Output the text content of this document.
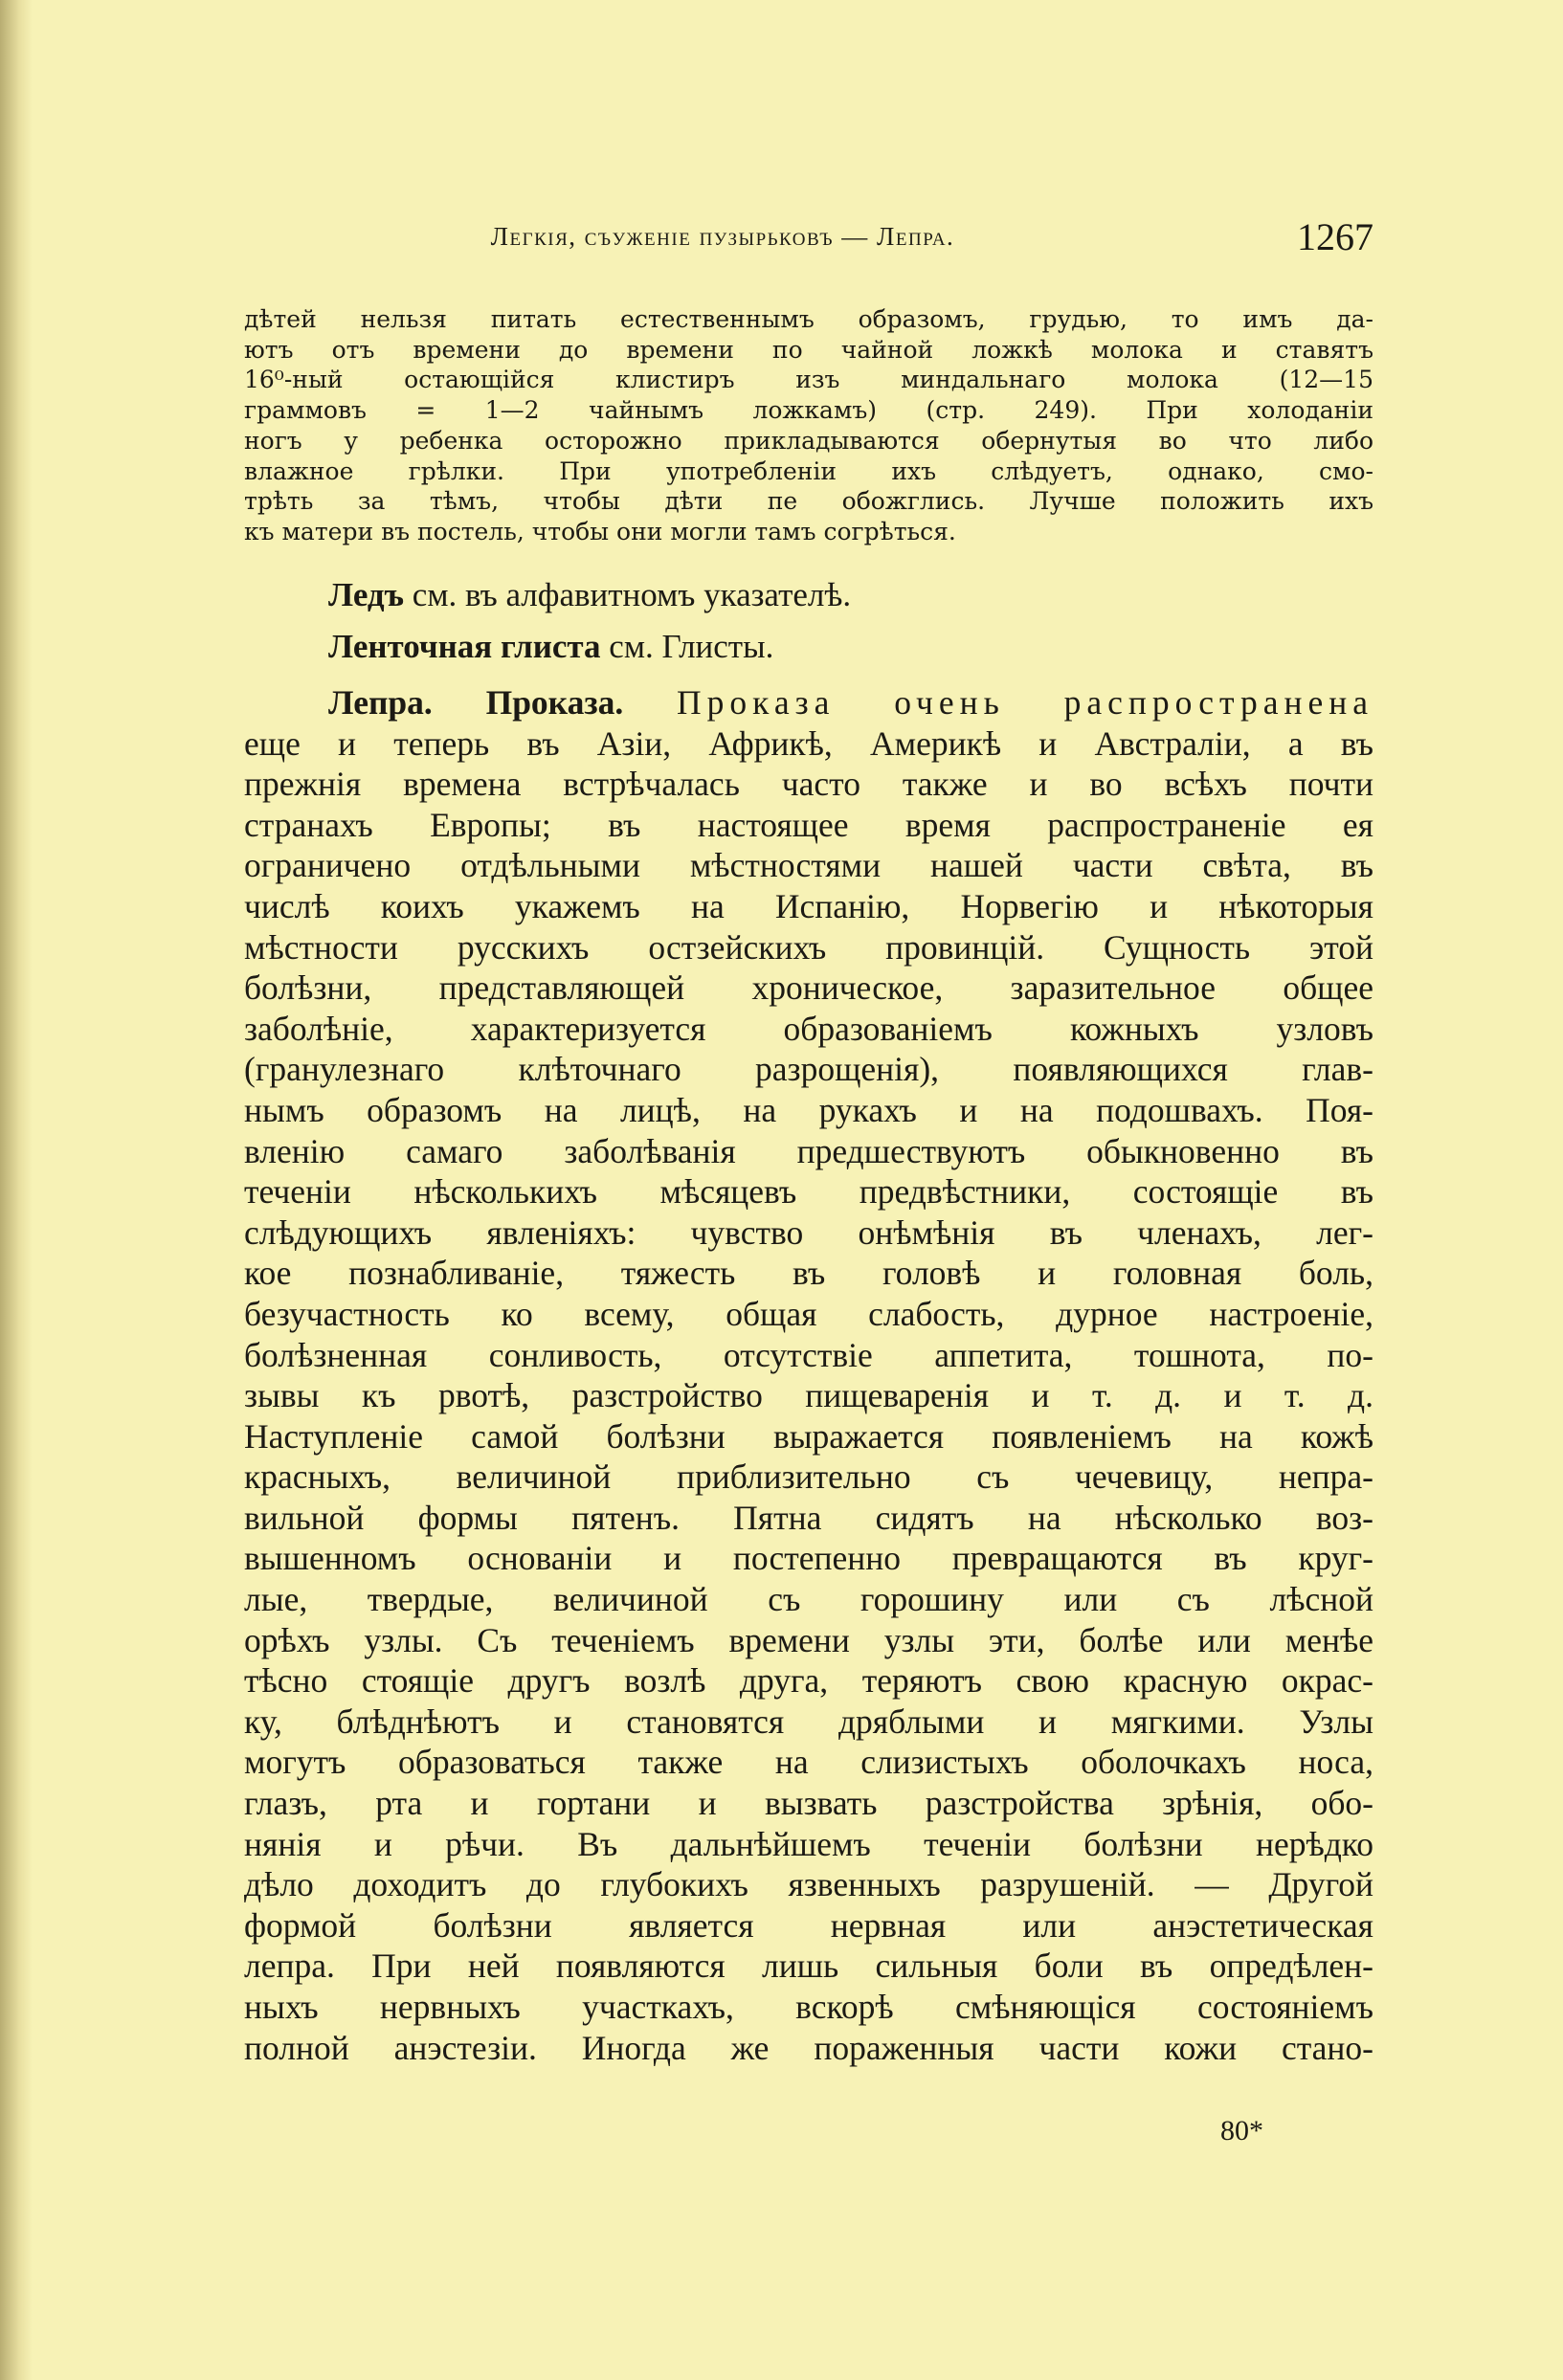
Легкія, съуженіе пузырьковъ — Лепра.	1267
дѣтей нельзя питать естественнымъ образомъ, грудью, то имъ да-
ютъ отъ времени до времени по чайной ложкѣ молока и ставятъ
16⁰-ный остающійся клистиръ изъ миндальнаго молока (12—15
граммовъ = 1—2 чайнымъ ложкамъ) (стр. 249). При холоданіи
ногъ у ребенка осторожно прикладываются обернутыя во что либо
влажное грѣлки. При употребленіи ихъ слѣдуетъ, однако, смо-
трѣть за тѣмъ, чтобы дѣти пе обожглись. Лучше положить ихъ
къ матери въ постель, чтобы они могли тамъ согрѣться.
Ледъ см. въ алфавитномъ указателѣ.
Ленточная глиста см. Глисты.
Лепра. Проказа. Проказа очень распространена
еще и теперь въ Азіи, Африкѣ, Америкѣ и Австраліи, а въ
прежнія времена встрѣчалась часто также и во всѣхъ почти
странахъ Европы; въ настоящее время распространеніе ея
ограничено отдѣльными мѣстностями нашей части свѣта, въ
числѣ коихъ укажемъ на Испанію, Норвегію и нѣкоторыя
мѣстности русскихъ остзейскихъ провинцій. Сущность этой
болѣзни, представляющей хроническое, заразительное общее
заболѣніе, характеризуется образованіемъ кожныхъ узловъ
(гранулезнаго клѣточнаго разрощенія), появляющихся глав-
нымъ образомъ на лицѣ, на рукахъ и на подошвахъ. Поя-
вленію самаго заболѣванія предшествуютъ обыкновенно въ
теченіи нѣсколькихъ мѣсяцевъ предвѣстники, состоящіе въ
слѣдующихъ явленіяхъ: чувство онѣмѣнія въ членахъ, лег-
кое познабливаніе, тяжесть въ головѣ и головная боль,
безучастность ко всему, общая слабость, дурное настроеніе,
болѣзненная сонливость, отсутствіе аппетита, тошнота, по-
зывы къ рвотѣ, разстройство пищеваренія и т. д. и т. д.
Наступленіе самой болѣзни выражается появленіемъ на кожѣ
красныхъ, величиной приблизительно съ чечевицу, непра-
вильной формы пятенъ. Пятна сидятъ на нѣсколько воз-
вышенномъ основаніи и постепенно превращаются въ круг-
лые, твердые, величиной съ горошину или съ лѣсной
орѣхъ узлы. Съ теченіемъ времени узлы эти, болѣе или менѣе
тѣсно стоящіе другъ возлѣ друга, теряютъ свою красную окрас-
ку, блѣднѣютъ и становятся дряблыми и мягкими. Узлы
могутъ образоваться также на слизистыхъ оболочкахъ носа,
глазъ, рта и гортани и вызвать разстройства зрѣнія, обо-
нянія и рѣчи. Въ дальнѣйшемъ теченіи болѣзни нерѣдко
дѣло доходитъ до глубокихъ язвенныхъ разрушеній. — Другой
формой болѣзни является нервная или анэстетическая
лепра. При ней появляются лишь сильныя боли въ опредѣлен-
ныхъ нервныхъ участкахъ, вскорѣ смѣняющіся состояніемъ
полной анэстезіи. Иногда же пораженныя части кожи стано-
80*
